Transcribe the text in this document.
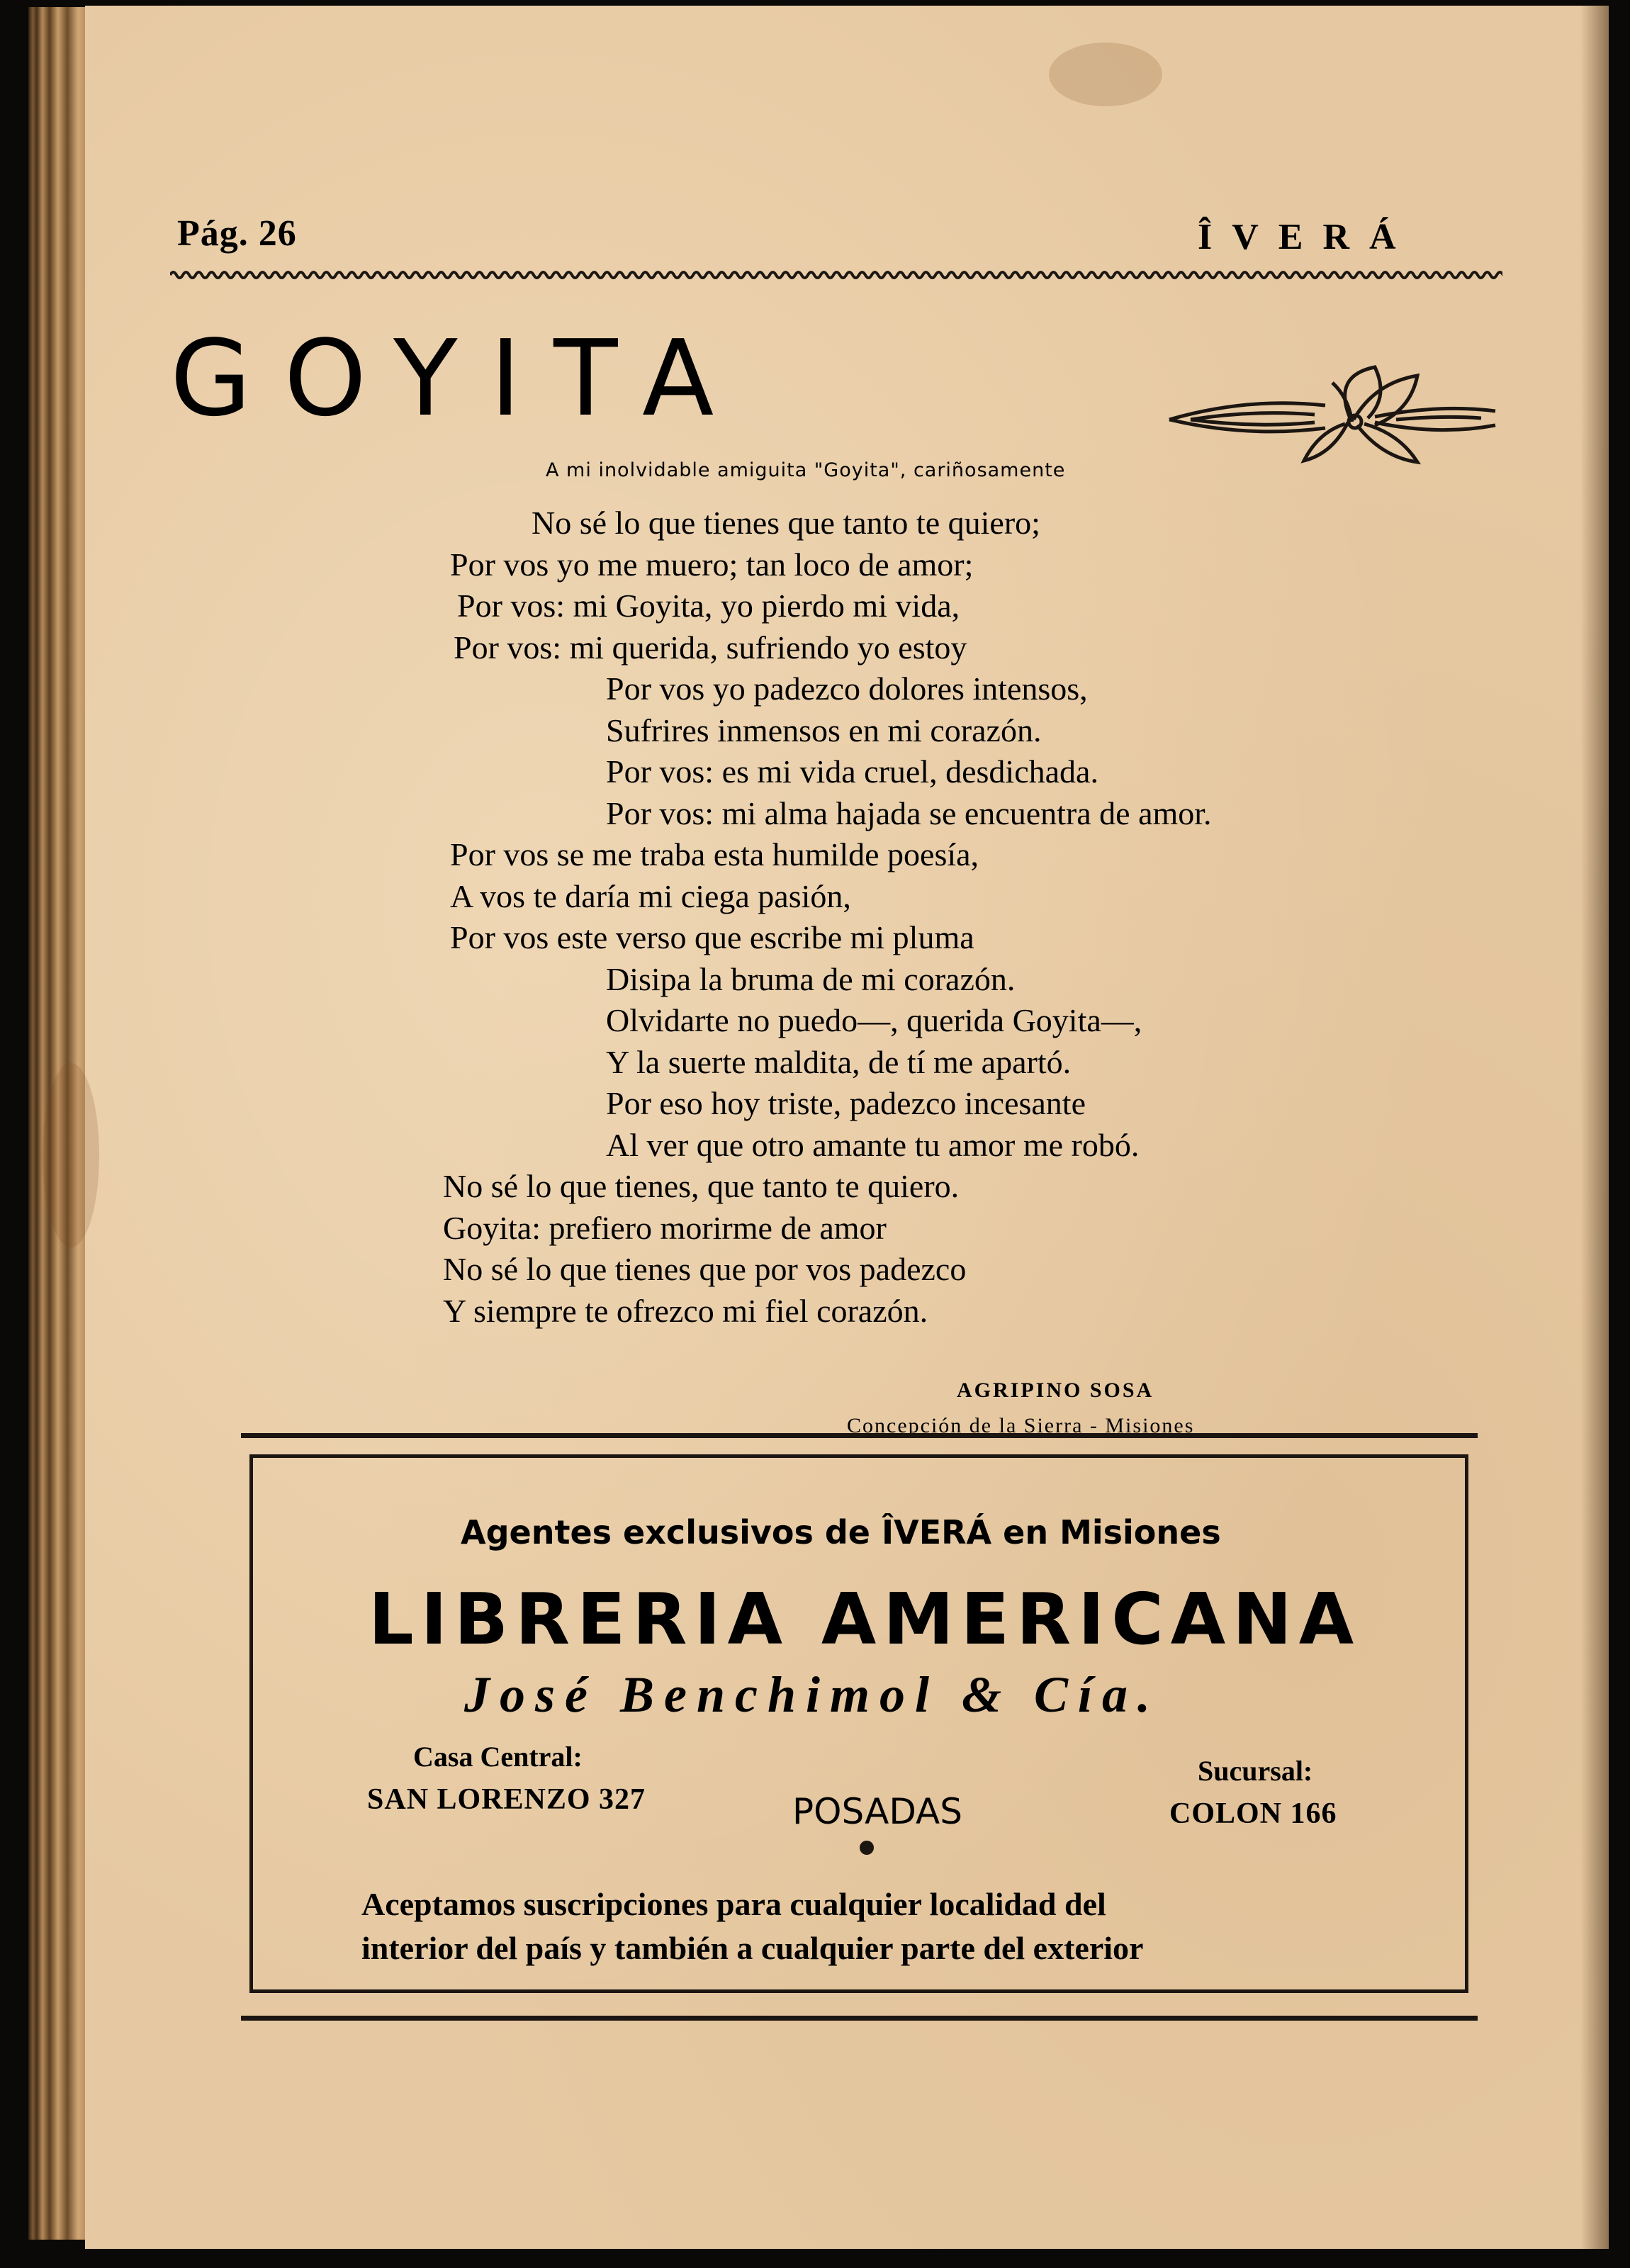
Pág. 26	ÎVERÁ
GOYITA
A mi inolvidable amiguita "Goyita", cariñosamente
No sé lo que tienes que tanto te quiero;
Por vos yo me muero; tan loco de amor;
Por vos: mi Goyita, yo pierdo mi vida,
Por vos: mi querida, sufriendo yo estoy
Por vos yo padezco dolores intensos,
Sufrires inmensos en mi corazón.
Por vos: es mi vida cruel, desdichada.
Por vos: mi alma hajada se encuentra de amor.
Por vos se me traba esta humilde poesía,
A vos te daría mi ciega pasión,
Por vos este verso que escribe mi pluma
Disipa la bruma de mi corazón.
Olvidarte no puedo—, querida Goyita—,
Y la suerte maldita, de tí me apartó.
Por eso hoy triste, padezco incesante
Al ver que otro amante tu amor me robó.
No sé lo que tienes, que tanto te quiero.
Goyita: prefiero morirme de amor
No sé lo que tienes que por vos padezco
Y siempre te ofrezco mi fiel corazón.
AGRIPINO SOSA
Concepción de la Sierra - Misiones
Agentes exclusivos de ÎVERÁ en Misiones
LIBRERIA AMERICANA
José Benchimol & Cía.
Casa Central:
SAN LORENZO 327	POSADAS
Sucursal:
COLON 166
Aceptamos suscripciones para cualquier localidad del
interior del país y también a cualquier parte del exterior
